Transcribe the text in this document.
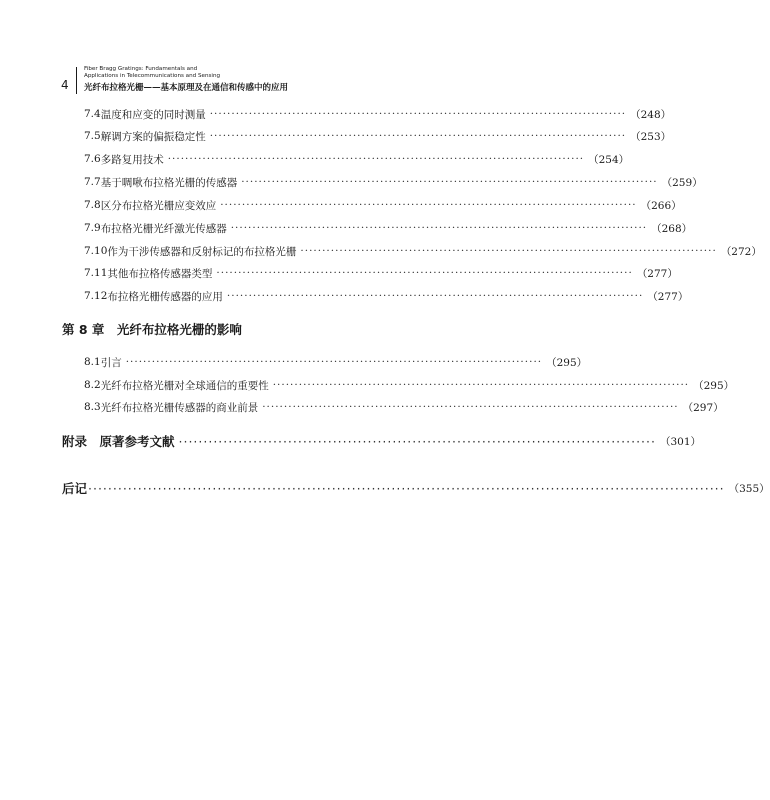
4
Fiber Bragg Gratings: Fundamentals and
Applications in Telecommunications and Sensing
光纤布拉格光栅——基本原理及在通信和传感中的应用
7.4 温度和应变的同时测量 ································································································ （248）
7.5 解调方案的偏振稳定性 ································································································ （253）
7.6 多路复用技术 ································································································ （254）
7.7 基于啁啾布拉格光栅的传感器 ································································································ （259）
7.8 区分布拉格光栅应变效应 ································································································ （266）
7.9 布拉格光栅光纤激光传感器 ································································································ （268）
7.10 作为干涉传感器和反射标记的布拉格光栅 ································································································ （272）
7.11 其他布拉格传感器类型 ································································································ （277）
7.12 布拉格光栅传感器的应用 ································································································ （277）
第 8 章　光纤布拉格光栅的影响
8.1 引言 ································································································ （295）
8.2 光纤布拉格光栅对全球通信的重要性 ································································································ （295）
8.3 光纤布拉格光栅传感器的商业前景 ································································································ （297）
附录　原著参考文献 ································································································ （301）
后记 ································································································································ （355）
